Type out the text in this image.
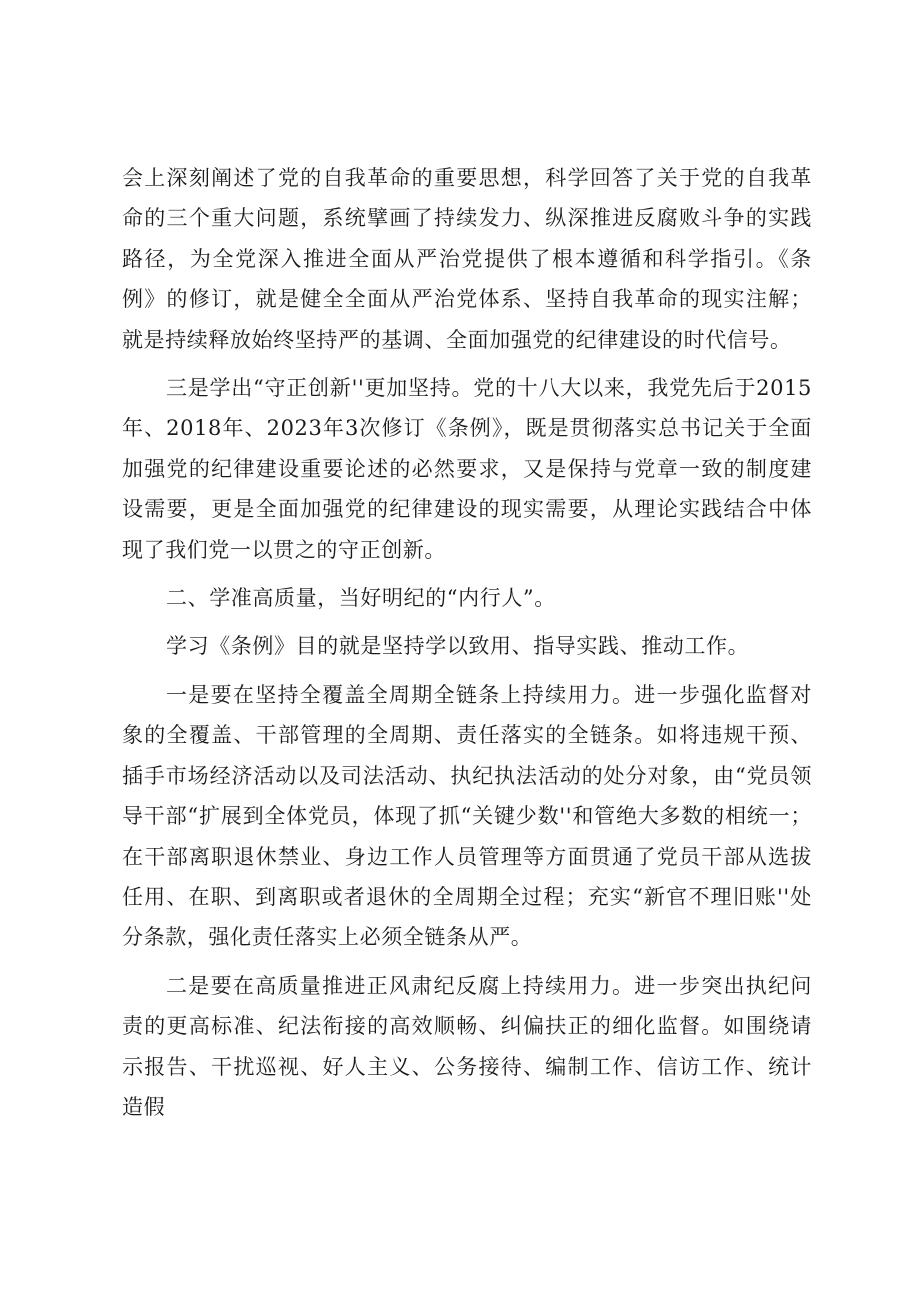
会上深刻阐述了党的自我革命的重要思想，科学回答了关于党的自我革命的三个重大问题，系统擘画了持续发力、纵深推进反腐败斗争的实践路径，为全党深入推进全面从严治党提供了根本遵循和科学指引。《条例》的修订，就是健全全面从严治党体系、坚持自我革命的现实注解；就是持续释放始终坚持严的基调、全面加强党的纪律建设的时代信号。

三是学出“守正创新''更加坚持。党的十八大以来，我党先后于2015年、2018年、2023年3次修订《条例》，既是贯彻落实总书记关于全面加强党的纪律建设重要论述的必然要求，又是保持与党章一致的制度建设需要，更是全面加强党的纪律建设的现实需要，从理论实践结合中体现了我们党一以贯之的守正创新。

二、学准高质量，当好明纪的“内行人”。

学习《条例》目的就是坚持学以致用、指导实践、推动工作。

一是要在坚持全覆盖全周期全链条上持续用力。进一步强化监督对象的全覆盖、干部管理的全周期、责任落实的全链条。如将违规干预、插手市场经济活动以及司法活动、执纪执法活动的处分对象，由“党员领导干部“扩展到全体党员，体现了抓“关键少数''和管绝大多数的相统一；在干部离职退休禁业、身边工作人员管理等方面贯通了党员干部从选拔任用、在职、到离职或者退休的全周期全过程；充实“新官不理旧账''处分条款，强化责任落实上必须全链条从严。

二是要在高质量推进正风肃纪反腐上持续用力。进一步突出执纪问责的更高标准、纪法衔接的高效顺畅、纠偏扶正的细化监督。如围绕请示报告、干扰巡视、好人主义、公务接待、编制工作、信访工作、统计造假
